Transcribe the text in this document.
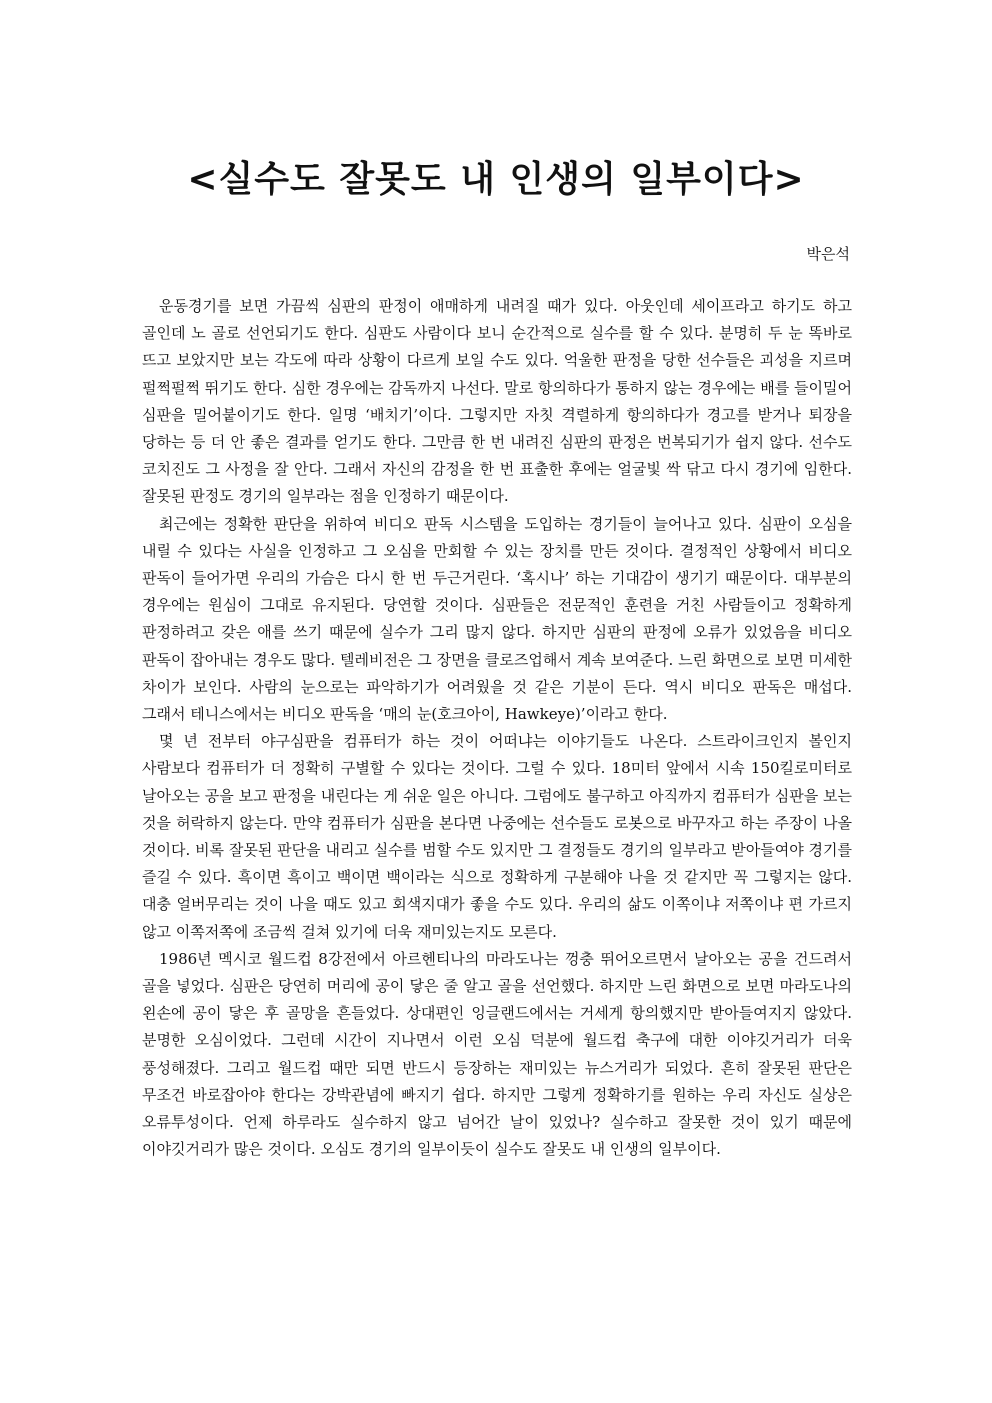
<실수도 잘못도 내 인생의 일부이다>

박은석

운동경기를 보면 가끔씩 심판의 판정이 애매하게 내려질 때가 있다. 아웃인데 세이프라고 하기도 하고 골인데 노 골로 선언되기도 한다. 심판도 사람이다 보니 순간적으로 실수를 할 수 있다. 분명히 두 눈 똑바로 뜨고 보았지만 보는 각도에 따라 상황이 다르게 보일 수도 있다. 억울한 판정을 당한 선수들은 괴성을 지르며 펄쩍펄쩍 뛰기도 한다. 심한 경우에는 감독까지 나선다. 말로 항의하다가 통하지 않는 경우에는 배를 들이밀어 심판을 밀어붙이기도 한다. 일명 ‘배치기’이다. 그렇지만 자칫 격렬하게 항의하다가 경고를 받거나 퇴장을 당하는 등 더 안 좋은 결과를 얻기도 한다. 그만큼 한 번 내려진 심판의 판정은 번복되기가 쉽지 않다. 선수도 코치진도 그 사정을 잘 안다. 그래서 자신의 감정을 한 번 표출한 후에는 얼굴빛 싹 닦고 다시 경기에 임한다. 잘못된 판정도 경기의 일부라는 점을 인정하기 때문이다.

최근에는 정확한 판단을 위하여 비디오 판독 시스템을 도입하는 경기들이 늘어나고 있다. 심판이 오심을 내릴 수 있다는 사실을 인정하고 그 오심을 만회할 수 있는 장치를 만든 것이다. 결정적인 상황에서 비디오 판독이 들어가면 우리의 가슴은 다시 한 번 두근거린다. ‘혹시나’ 하는 기대감이 생기기 때문이다. 대부분의 경우에는 원심이 그대로 유지된다. 당연할 것이다. 심판들은 전문적인 훈련을 거친 사람들이고 정확하게 판정하려고 갖은 애를 쓰기 때문에 실수가 그리 많지 않다. 하지만 심판의 판정에 오류가 있었음을 비디오 판독이 잡아내는 경우도 많다. 텔레비전은 그 장면을 클로즈업해서 계속 보여준다. 느린 화면으로 보면 미세한 차이가 보인다. 사람의 눈으로는 파악하기가 어려웠을 것 같은 기분이 든다. 역시 비디오 판독은 매섭다. 그래서 테니스에서는 비디오 판독을 ‘매의 눈(호크아이, Hawkeye)’이라고 한다.

몇 년 전부터 야구심판을 컴퓨터가 하는 것이 어떠냐는 이야기들도 나온다. 스트라이크인지 볼인지 사람보다 컴퓨터가 더 정확히 구별할 수 있다는 것이다. 그럴 수 있다. 18미터 앞에서 시속 150킬로미터로 날아오는 공을 보고 판정을 내린다는 게 쉬운 일은 아니다. 그럼에도 불구하고 아직까지 컴퓨터가 심판을 보는 것을 허락하지 않는다. 만약 컴퓨터가 심판을 본다면 나중에는 선수들도 로봇으로 바꾸자고 하는 주장이 나올 것이다. 비록 잘못된 판단을 내리고 실수를 범할 수도 있지만 그 결정들도 경기의 일부라고 받아들여야 경기를 즐길 수 있다. 흑이면 흑이고 백이면 백이라는 식으로 정확하게 구분해야 나을 것 같지만 꼭 그렇지는 않다. 대충 얼버무리는 것이 나을 때도 있고 회색지대가 좋을 수도 있다. 우리의 삶도 이쪽이냐 저쪽이냐 편 가르지 않고 이쪽저쪽에 조금씩 걸쳐 있기에 더욱 재미있는지도 모른다.

1986년 멕시코 월드컵 8강전에서 아르헨티나의 마라도나는 껑충 뛰어오르면서 날아오는 공을 건드려서 골을 넣었다. 심판은 당연히 머리에 공이 닿은 줄 알고 골을 선언했다. 하지만 느린 화면으로 보면 마라도나의 왼손에 공이 닿은 후 골망을 흔들었다. 상대편인 잉글랜드에서는 거세게 항의했지만 받아들여지지 않았다. 분명한 오심이었다. 그런데 시간이 지나면서 이런 오심 덕분에 월드컵 축구에 대한 이야깃거리가 더욱 풍성해졌다. 그리고 월드컵 때만 되면 반드시 등장하는 재미있는 뉴스거리가 되었다. 흔히 잘못된 판단은 무조건 바로잡아야 한다는 강박관념에 빠지기 쉽다. 하지만 그렇게 정확하기를 원하는 우리 자신도 실상은 오류투성이다. 언제 하루라도 실수하지 않고 넘어간 날이 있었나? 실수하고 잘못한 것이 있기 때문에 이야깃거리가 많은 것이다. 오심도 경기의 일부이듯이 실수도 잘못도 내 인생의 일부이다.
